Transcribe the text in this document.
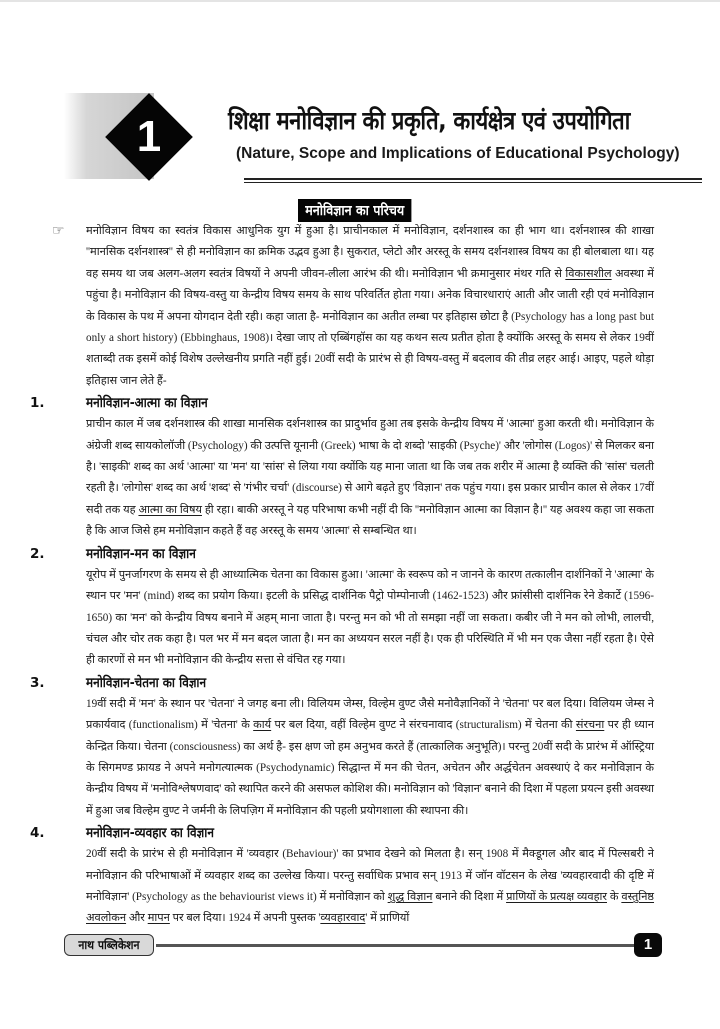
1	शिक्षा मनोविज्ञान की प्रकृति, कार्यक्षेत्र एवं उपयोगिता
(Nature, Scope and Implications of Educational Psychology)
मनोविज्ञान का परिचय
☞ मनोविज्ञान विषय का स्वतंत्र विकास आधुनिक युग में हुआ है। प्राचीनकाल में मनोविज्ञान, दर्शनशास्त्र का ही भाग था। दर्शनशास्त्र की शाखा ''मानसिक दर्शनशास्त्र'' से ही मनोविज्ञान का क्रमिक उद्भव हुआ है। सुकरात, प्लेटो और अरस्तू के समय दर्शनशास्त्र विषय का ही बोलबाला था। यह वह समय था जब अलग-अलग स्वतंत्र विषयों ने अपनी जीवन-लीला आरंभ की थी। मनोविज्ञान भी क्रमानुसार मंथर गति से विकासशील अवस्था में पहुंचा है। मनोविज्ञान की विषय-वस्तु या केन्द्रीय विषय समय के साथ परिवर्तित होता गया। अनेक विचारधाराएं आती और जाती रही एवं मनोविज्ञान के विकास के पथ में अपना योगदान देती रही। कहा जाता है- मनोविज्ञान का अतीत लम्बा पर इतिहास छोटा है (Psychology has a long past but only a short history) (Ebbinghaus, 1908)। देखा जाए तो एब्बिंगहॉस का यह कथन सत्य प्रतीत होता है क्योंकि अरस्तू के समय से लेकर 19वीं शताब्दी तक इसमें कोई विशेष उल्लेखनीय प्रगति नहीं हुई। 20वीं सदी के प्रारंभ से ही विषय-वस्तु में बदलाव की तीव्र लहर आई। आइए, पहले थोड़ा इतिहास जान लेते हैं-

1.	मनोविज्ञान-आत्मा का विज्ञान

प्राचीन काल में जब दर्शनशास्त्र की शाखा मानसिक दर्शनशास्त्र का प्रादुर्भाव हुआ तब इसके केन्द्रीय विषय में 'आत्मा' हुआ करती थी। मनोविज्ञान के अंग्रेजी शब्द सायकोलॉजी (Psychology) की उत्पत्ति यूनानी (Greek) भाषा के दो शब्दो 'साइकी (Psyche)' और 'लोगोस (Logos)' से मिलकर बना है। 'साइकी' शब्द का अर्थ 'आत्मा' या 'मन' या 'सांस' से लिया गया क्योंकि यह माना जाता था कि जब तक शरीर में आत्मा है व्यक्ति की 'सांस' चलती रहती है। 'लोगोस' शब्द का अर्थ 'शब्द' से 'गंभीर चर्चा' (discourse) से आगे बढ़ते हुए 'विज्ञान' तक पहुंच गया। इस प्रकार प्राचीन काल से लेकर 17वीं सदी तक यह आत्मा का विषय ही रहा। बाकी अरस्तू ने यह परिभाषा कभी नहीं दी कि ''मनोविज्ञान आत्मा का विज्ञान है।'' यह अवश्य कहा जा सकता है कि आज जिसे हम मनोविज्ञान कहते हैं वह अरस्तू के समय 'आत्मा' से सम्बन्धित था।

2.	मनोविज्ञान-मन का विज्ञान

यूरोप में पुनर्जागरण के समय से ही आध्यात्मिक चेतना का विकास हुआ। 'आत्मा' के स्वरूप को न जानने के कारण तत्कालीन दार्शनिकों ने 'आत्मा' के स्थान पर 'मन' (mind) शब्द का प्रयोग किया। इटली के प्रसिद्ध दार्शनिक पैट्रो पोम्पोनाजी (1462-1523) और फ्रांसीसी दार्शनिक रेने डेकार्टे (1596-1650) का 'मन' को केन्द्रीय विषय बनाने में अहम् माना जाता है। परन्तु मन को भी तो समझा नहीं जा सकता। कबीर जी ने मन को लोभी, लालची, चंचल और चोर तक कहा है। पल भर में मन बदल जाता है। मन का अध्ययन सरल नहीं है। एक ही परिस्थिति में भी मन एक जैसा नहीं रहता है। ऐसे ही कारणों से मन भी मनोविज्ञान की केन्द्रीय सत्ता से वंचित रह गया।

3.	मनोविज्ञान-चेतना का विज्ञान

19वीं सदी में 'मन' के स्थान पर 'चेतना' ने जगह बना ली। विलियम जेम्स, विल्हेम वुण्ट जैसे मनोवैज्ञानिकों ने 'चेतना' पर बल दिया। विलियम जेम्स ने प्रकार्यवाद (functionalism) में 'चेतना' के कार्य पर बल दिया, वहीं विल्हेम वुण्ट ने संरचनावाद (structuralism) में चेतना की संरचना पर ही ध्यान केन्द्रित किया। चेतना (consciousness) का अर्थ है- इस क्षण जो हम अनुभव करते हैं (तात्कालिक अनुभूति)। परन्तु 20वीं सदी के प्रारंभ में ऑस्ट्रिया के सिगमण्ड फ्रायड ने अपने मनोगत्यात्मक (Psychodynamic) सिद्धान्त में मन की चेतन, अचेतन और अर्द्धचेतन अवस्थाएं दे कर मनोविज्ञान के केन्द्रीय विषय में 'मनोविश्लेषणवाद' को स्थापित करने की असफल कोशिश की। मनोविज्ञान को 'विज्ञान' बनाने की दिशा में पहला प्रयत्न इसी अवस्था में हुआ जब विल्हेम वुण्ट ने जर्मनी के लिपज़िग में मनोविज्ञान की पहली प्रयोगशाला की स्थापना की।

4.	मनोविज्ञान-व्यवहार का विज्ञान

20वीं सदी के प्रारंभ से ही मनोविज्ञान में 'व्यवहार (Behaviour)' का प्रभाव देखने को मिलता है। सन् 1908 में मैक्डूगल और बाद में पिल्सबरी ने मनोविज्ञान की परिभाषाओं में व्यवहार शब्द का उल्लेख किया। परन्तु सर्वाधिक प्रभाव सन् 1913 में जॉन वॉटसन के लेख 'व्यवहारवादी की दृष्टि में मनोविज्ञान' (Psychology as the behaviourist views it) में मनोविज्ञान को शुद्ध विज्ञान बनाने की दिशा में प्राणियों के प्रत्यक्ष व्यवहार के वस्तुनिष्ठ अवलोकन और मापन पर बल दिया। 1924 में अपनी पुस्तक 'व्यवहारवाद' में प्राणियों

नाथ पब्लिकेशन	1
